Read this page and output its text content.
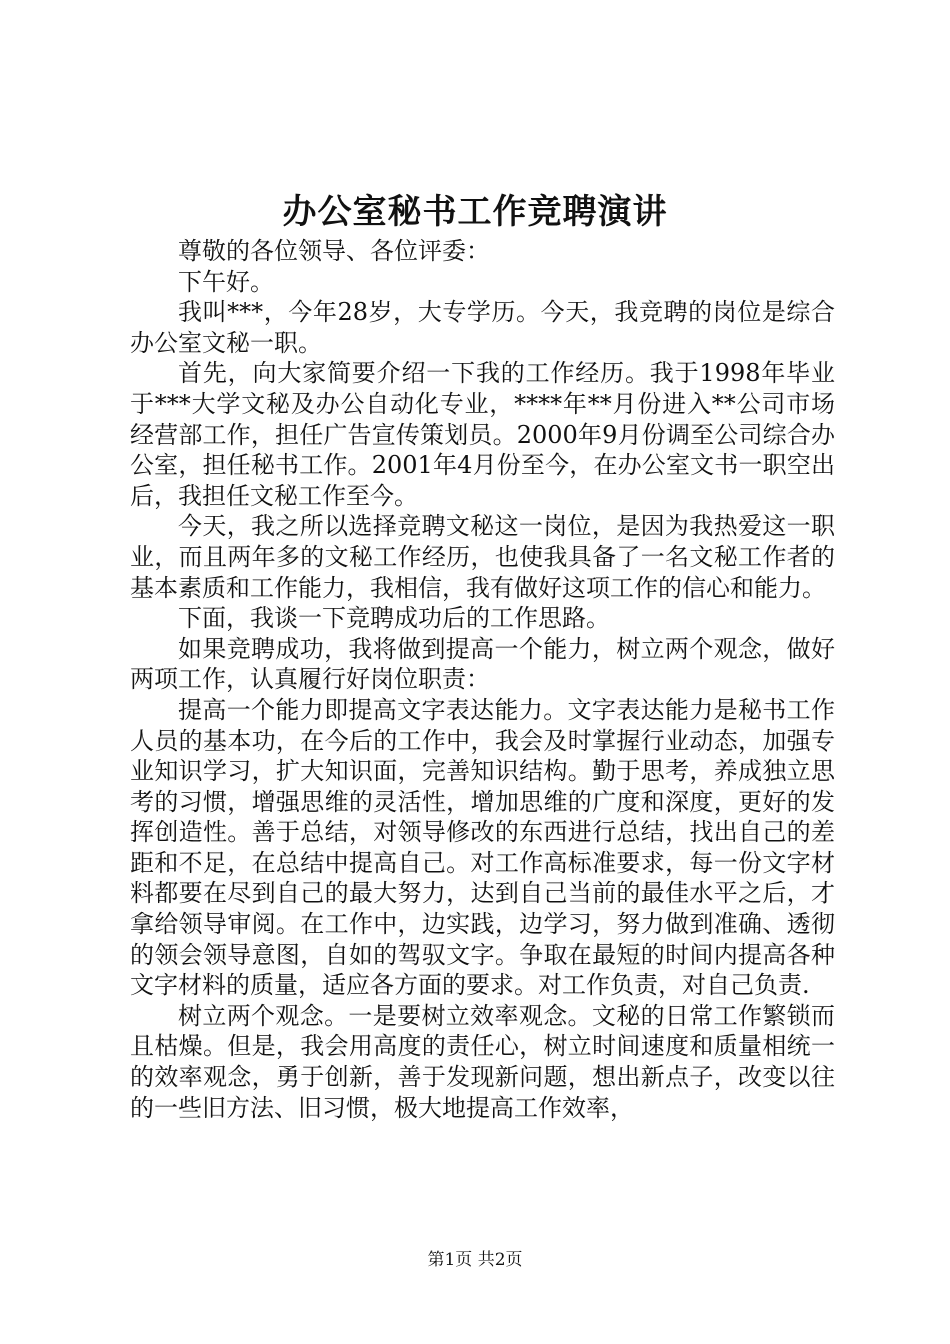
办公室秘书工作竞聘演讲

尊敬的各位领导、各位评委：

下午好。

我叫***，今年28岁，大专学历。今天，我竞聘的岗位是综合办公室文秘一职。

首先，向大家简要介绍一下我的工作经历。我于1998年毕业于***大学文秘及办公自动化专业，****年**月份进入**公司市场经营部工作，担任广告宣传策划员。2000年9月份调至公司综合办公室，担任秘书工作。2001年4月份至今，在办公室文书一职空出后，我担任文秘工作至今。

今天，我之所以选择竞聘文秘这一岗位，是因为我热爱这一职业，而且两年多的文秘工作经历，也使我具备了一名文秘工作者的基本素质和工作能力，我相信，我有做好这项工作的信心和能力。

下面，我谈一下竞聘成功后的工作思路。

如果竞聘成功，我将做到提高一个能力，树立两个观念，做好两项工作，认真履行好岗位职责：

提高一个能力即提高文字表达能力。文字表达能力是秘书工作人员的基本功，在今后的工作中，我会及时掌握行业动态，加强专业知识学习，扩大知识面，完善知识结构。勤于思考，养成独立思考的习惯，增强思维的灵活性，增加思维的广度和深度，更好的发挥创造性。善于总结，对领导修改的东西进行总结，找出自己的差距和不足，在总结中提高自己。对工作高标准要求，每一份文字材料都要在尽到自己的最大努力，达到自己当前的最佳水平之后，才拿给领导审阅。在工作中，边实践，边学习，努力做到准确、透彻的领会领导意图，自如的驾驭文字。争取在最短的时间内提高各种文字材料的质量，适应各方面的要求。对工作负责，对自己负责.

树立两个观念。一是要树立效率观念。文秘的日常工作繁锁而且枯燥。但是，我会用高度的责任心，树立时间速度和质量相统一的效率观念，勇于创新，善于发现新问题，想出新点子，改变以往的一些旧方法、旧习惯，极大地提高工作效率，

第1页 共2页
